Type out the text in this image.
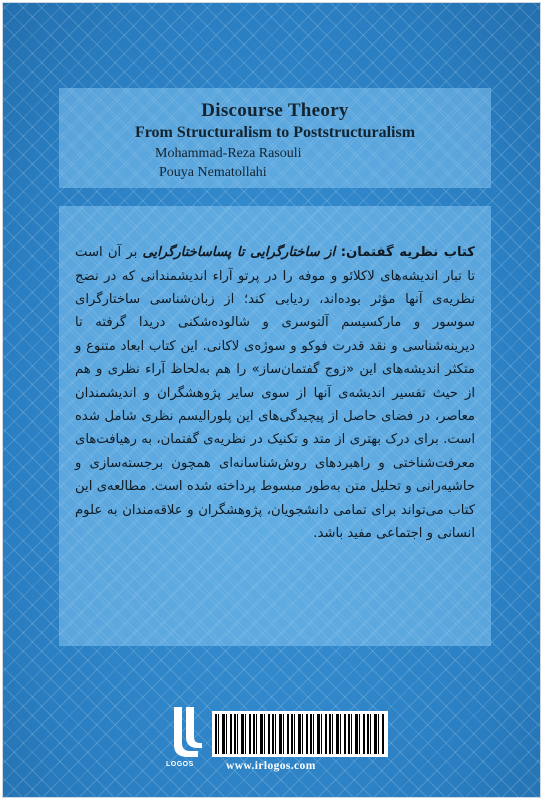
Discourse Theory
From Structuralism to Poststructuralism
Mohammad-Reza Rasouli
Pouya Nematollahi

کتاب نظریه گفتمان: از ساختارگرایی تا پساساختارگرایی بر آن است تا تبار اندیشه‌های لاکلائو و موفه را در پرتو آراء اندیشمندانی که در نضج نظریه‌ی آنها مؤثر بوده‌اند، ردیابی کند؛ از زبان‌شناسی ساختارگرای سوسور و مارکسیسم آلتوسری و شالوده‌شکنی دریدا گرفته تا دیرینه‌شناسی و نقد قدرت فوکو و سوژه‌ی لاکانی. این کتاب ابعاد متنوع و متکثر اندیشه‌های این «زوج گفتمان‌ساز» را هم به‌لحاظ آراء نظری و هم از حیث تفسیر اندیشه‌ی آنها از سوی سایر پژوهشگران و اندیشمندان معاصر، در فضای حاصل از پیچیدگی‌های این پلورالیسم نظری شامل شده است. برای درک بهتری از متد و تکنیک در نظریه‌ی گفتمان، به رهیافت‌های معرفت‌شناختی و راهبردهای روش‌شناسانه‌ای همچون برجسته‌سازی و حاشیه‌رانی و تحلیل متن به‌طور مبسوط پرداخته شده است. مطالعه‌ی این کتاب می‌تواند برای تمامی دانشجویان، پژوهشگران و علاقه‌مندان به علوم انسانی و اجتماعی مفید باشد.

LOGOS	www.irlogos.com
